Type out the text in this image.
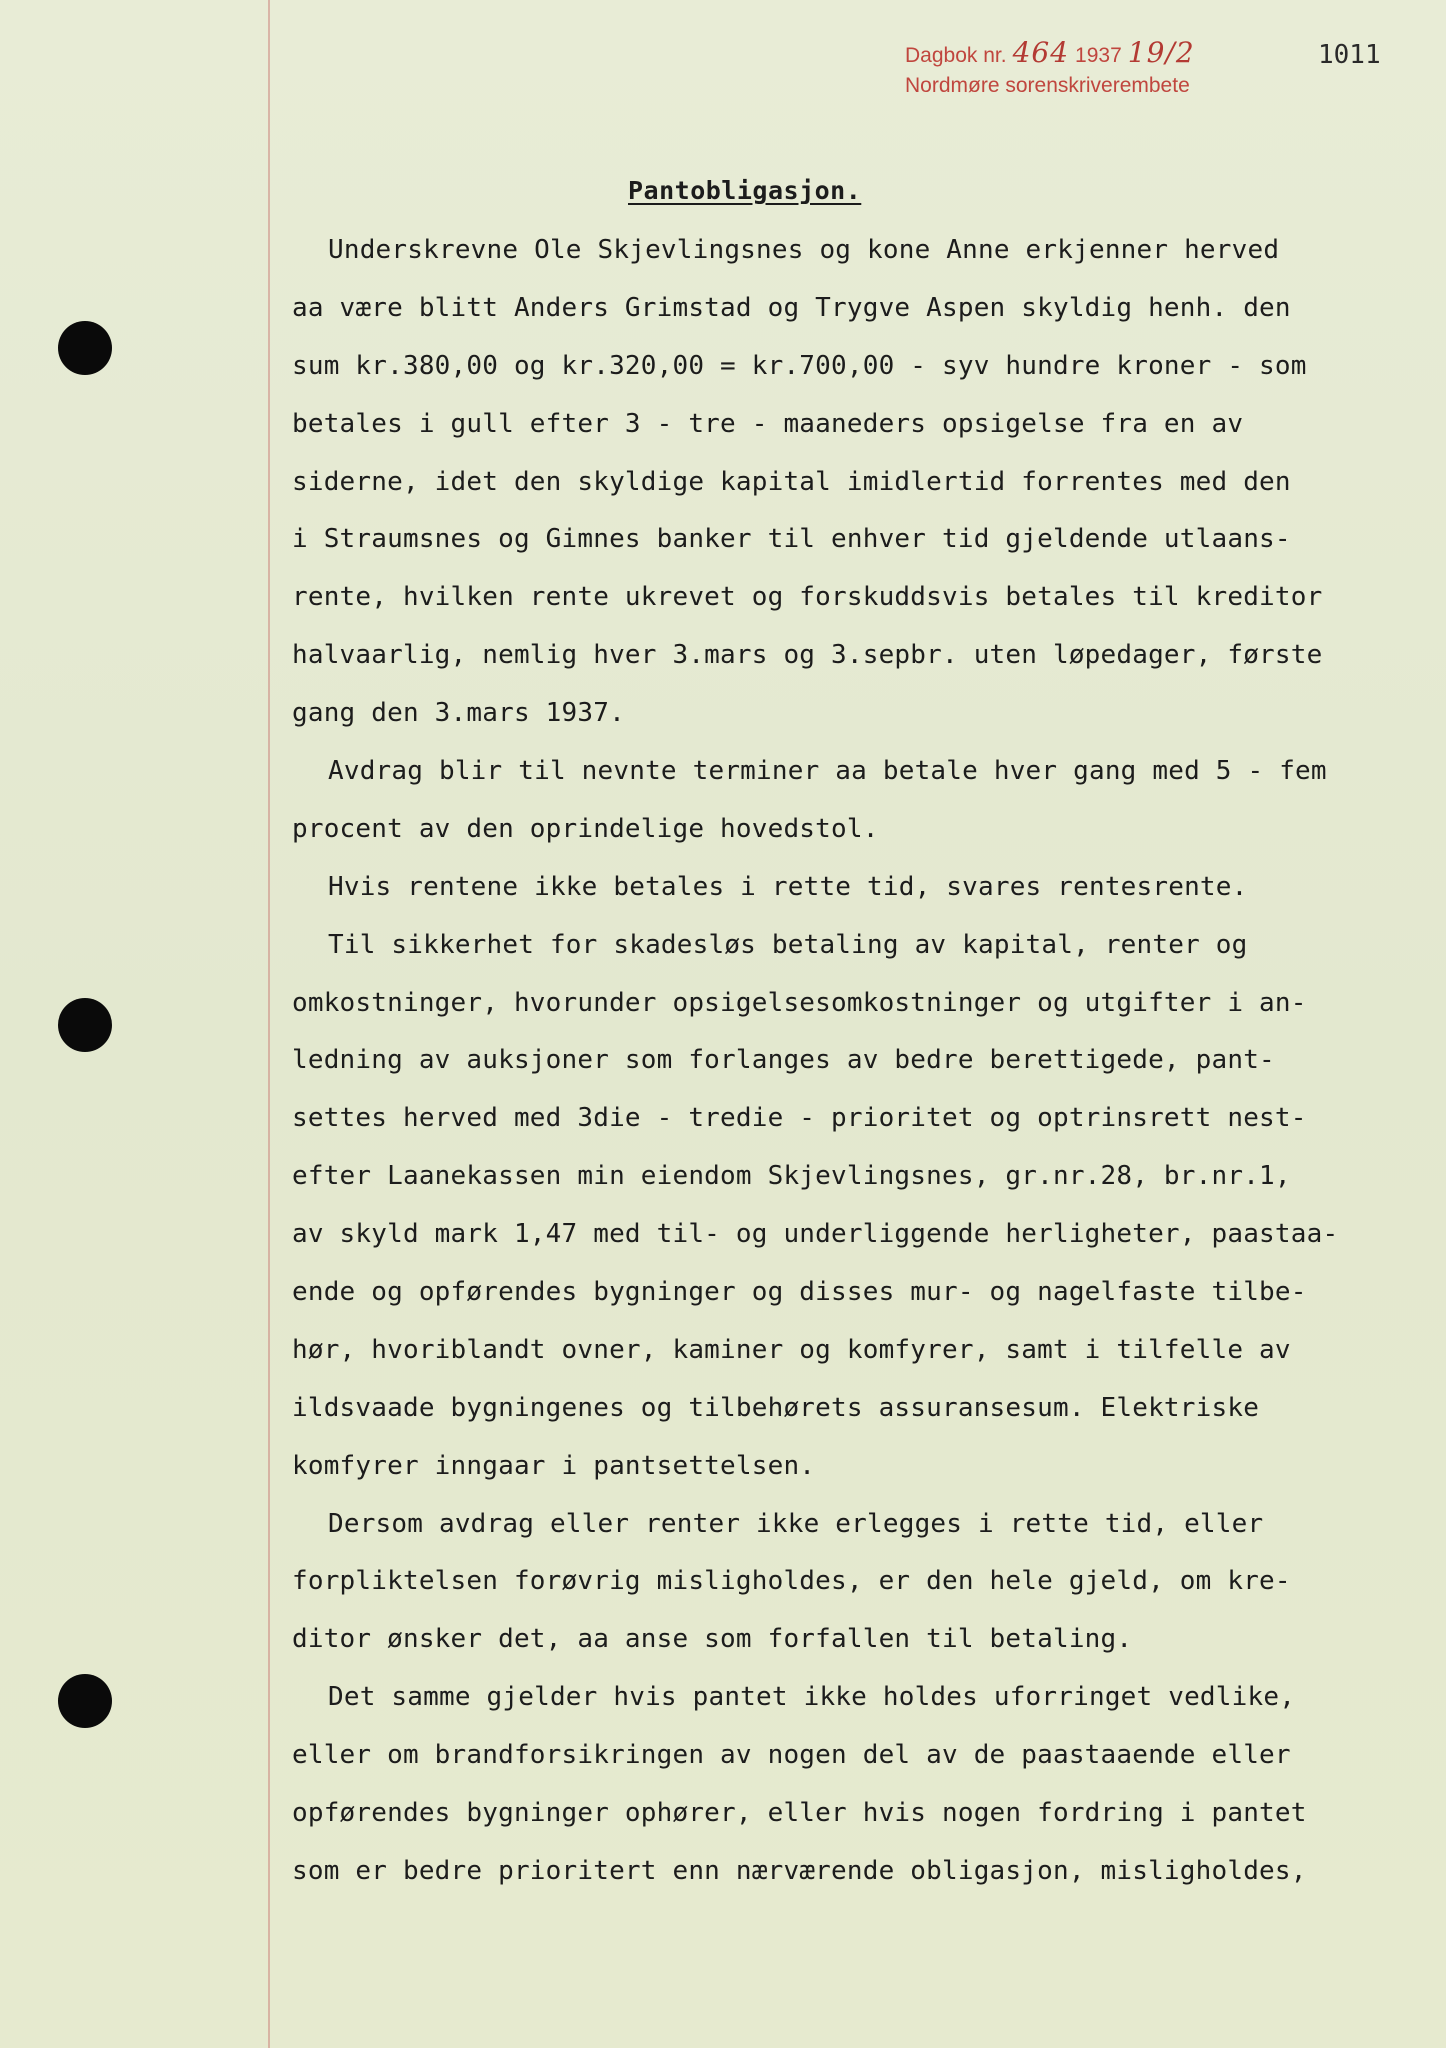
Dagbok nr. 464 1937 19/2
Nordmøre sorenskriverembete
1011
Pantobligasjon.
Underskrevne Ole Skjevlingsnes og kone Anne erkjenner herved
aa være blitt Anders Grimstad og Trygve Aspen skyldig henh. den
sum kr.380,00 og kr.320,00 = kr.700,00 - syv hundre kroner - som
betales i gull efter 3 - tre - maaneders opsigelse fra en av
siderne, idet den skyldige kapital imidlertid forrentes med den
i Straumsnes og Gimnes banker til enhver tid gjeldende utlaans-
rente, hvilken rente ukrevet og forskuddsvis betales til kreditor
halvaarlig, nemlig hver 3.mars og 3.sepbr. uten løpedager, første
gang den 3.mars 1937.
Avdrag blir til nevnte terminer aa betale hver gang med 5 - fem
procent av den oprindelige hovedstol.
Hvis rentene ikke betales i rette tid, svares rentesrente.
Til sikkerhet for skadesløs betaling av kapital, renter og
omkostninger, hvorunder opsigelsesomkostninger og utgifter i an-
ledning av auksjoner som forlanges av bedre berettigede, pant-
settes herved med 3die - tredie - prioritet og optrinsrett nest-
efter Laanekassen min eiendom Skjevlingsnes, gr.nr.28, br.nr.1,
av skyld mark 1,47 med til- og underliggende herligheter, paastaa-
ende og opførendes bygninger og disses mur- og nagelfaste tilbe-
hør, hvoriblandt ovner, kaminer og komfyrer, samt i tilfelle av
ildsvaade bygningenes og tilbehørets assuransesum. Elektriske
komfyrer inngaar i pantsettelsen.
Dersom avdrag eller renter ikke erlegges i rette tid, eller
forpliktelsen forøvrig misligholdes, er den hele gjeld, om kre-
ditor ønsker det, aa anse som forfallen til betaling.
Det samme gjelder hvis pantet ikke holdes uforringet vedlike,
eller om brandforsikringen av nogen del av de paastaaende eller
opførendes bygninger ophører, eller hvis nogen fordring i pantet
som er bedre prioritert enn nærværende obligasjon, misligholdes,
